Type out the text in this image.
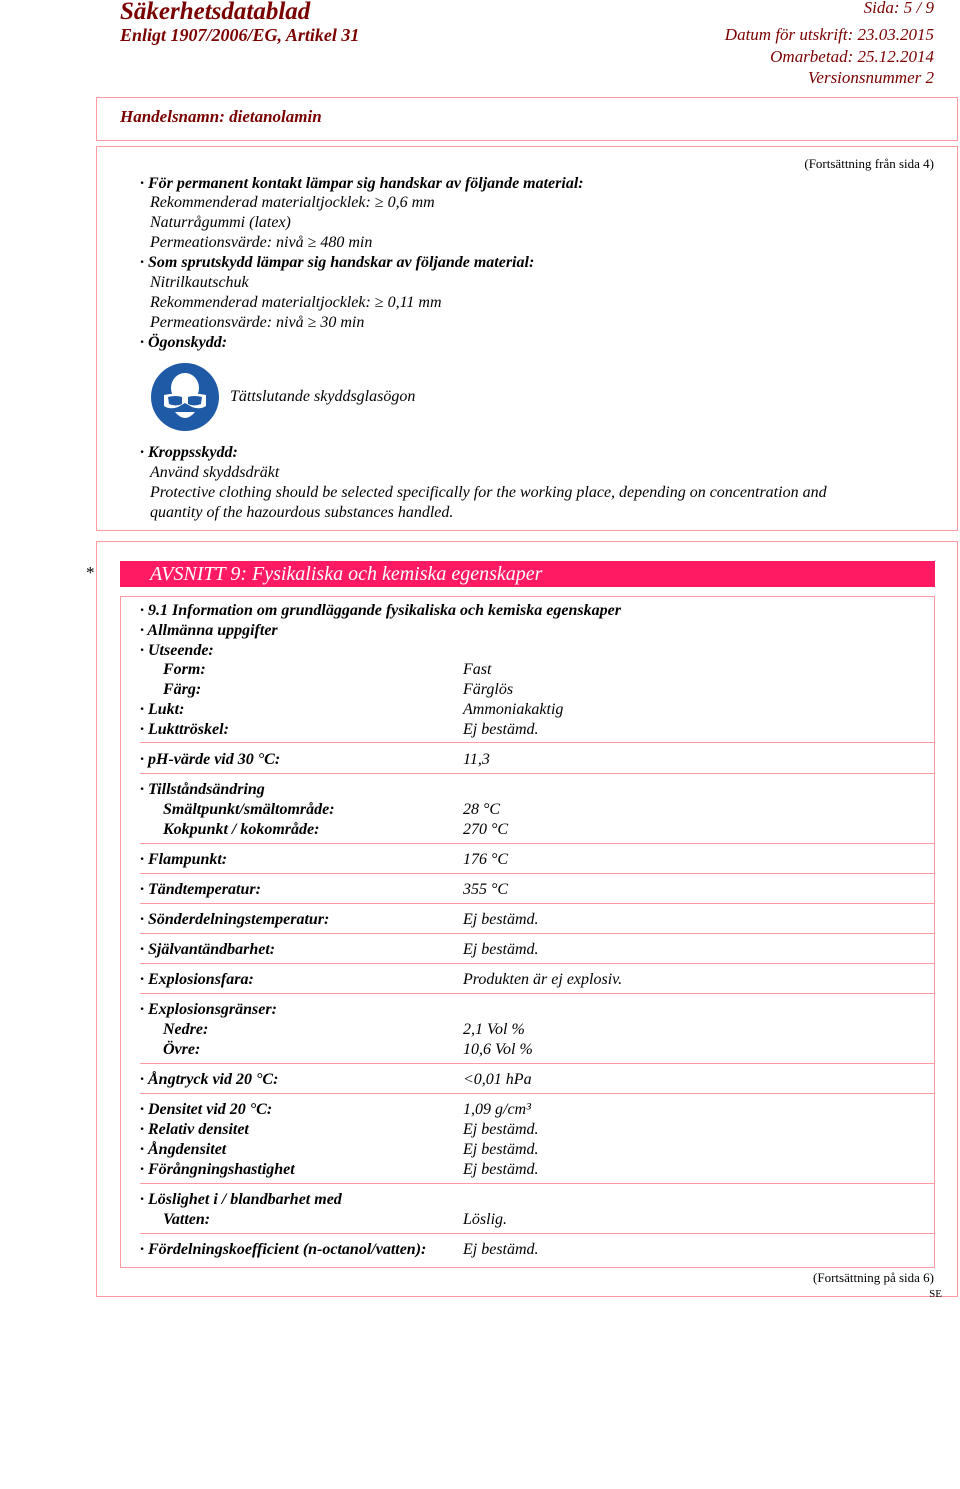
Säkerhetsdatablad
Enligt 1907/2006/EG, Artikel 31
Sida: 5 / 9
Datum för utskrift: 23.03.2015
Omarbetad: 25.12.2014
Versionsnummer 2
Handelsnamn: dietanolamin
(Fortsättning från sida 4)
· För permanent kontakt lämpar sig handskar av följande material:
Rekommenderad materialtjocklek: ≥ 0,6 mm
Naturrågummi (latex)
Permeationsvärde: nivå ≥ 480 min
· Som sprutskydd lämpar sig handskar av följande material:
Nitrilkautschuk
Rekommenderad materialtjocklek: ≥ 0,11 mm
Permeationsvärde: nivå ≥ 30 min
· Ögonskydd:
Tättslutande skyddsglasögon
· Kroppsskydd:
Använd skyddsdräkt
Protective clothing should be selected specifically for the working place, depending on concentration and
quantity of the hazourdous substances handled.
*	AVSNITT 9: Fysikaliska och kemiska egenskaper
· 9.1 Information om grundläggande fysikaliska och kemiska egenskaper
· Allmänna uppgifter
· Utseende:
Form:	Fast
Färg:	Färglös
· Lukt:	Ammoniakaktig
· Lukttröskel:	Ej bestämd.
· pH-värde vid 30 °C:	11,3
· Tillståndsändring
Smältpunkt/smältområde:	28 °C
Kokpunkt / kokområde:	270 °C
· Flampunkt:	176 °C
· Tändtemperatur:	355 °C
· Sönderdelningstemperatur:	Ej bestämd.
· Självantändbarhet:	Ej bestämd.
· Explosionsfara:	Produkten är ej explosiv.
· Explosionsgränser:
Nedre:	2,1 Vol %
Övre:	10,6 Vol %
· Ångtryck vid 20 °C:	<0,01 hPa
· Densitet vid 20 °C:	1,09 g/cm³
· Relativ densitet	Ej bestämd.
· Ångdensitet	Ej bestämd.
· Förångningshastighet	Ej bestämd.
· Löslighet i / blandbarhet med
Vatten:	Löslig.
· Fördelningskoefficient (n-octanol/vatten): Ej bestämd.
(Fortsättning på sida 6)
SE
